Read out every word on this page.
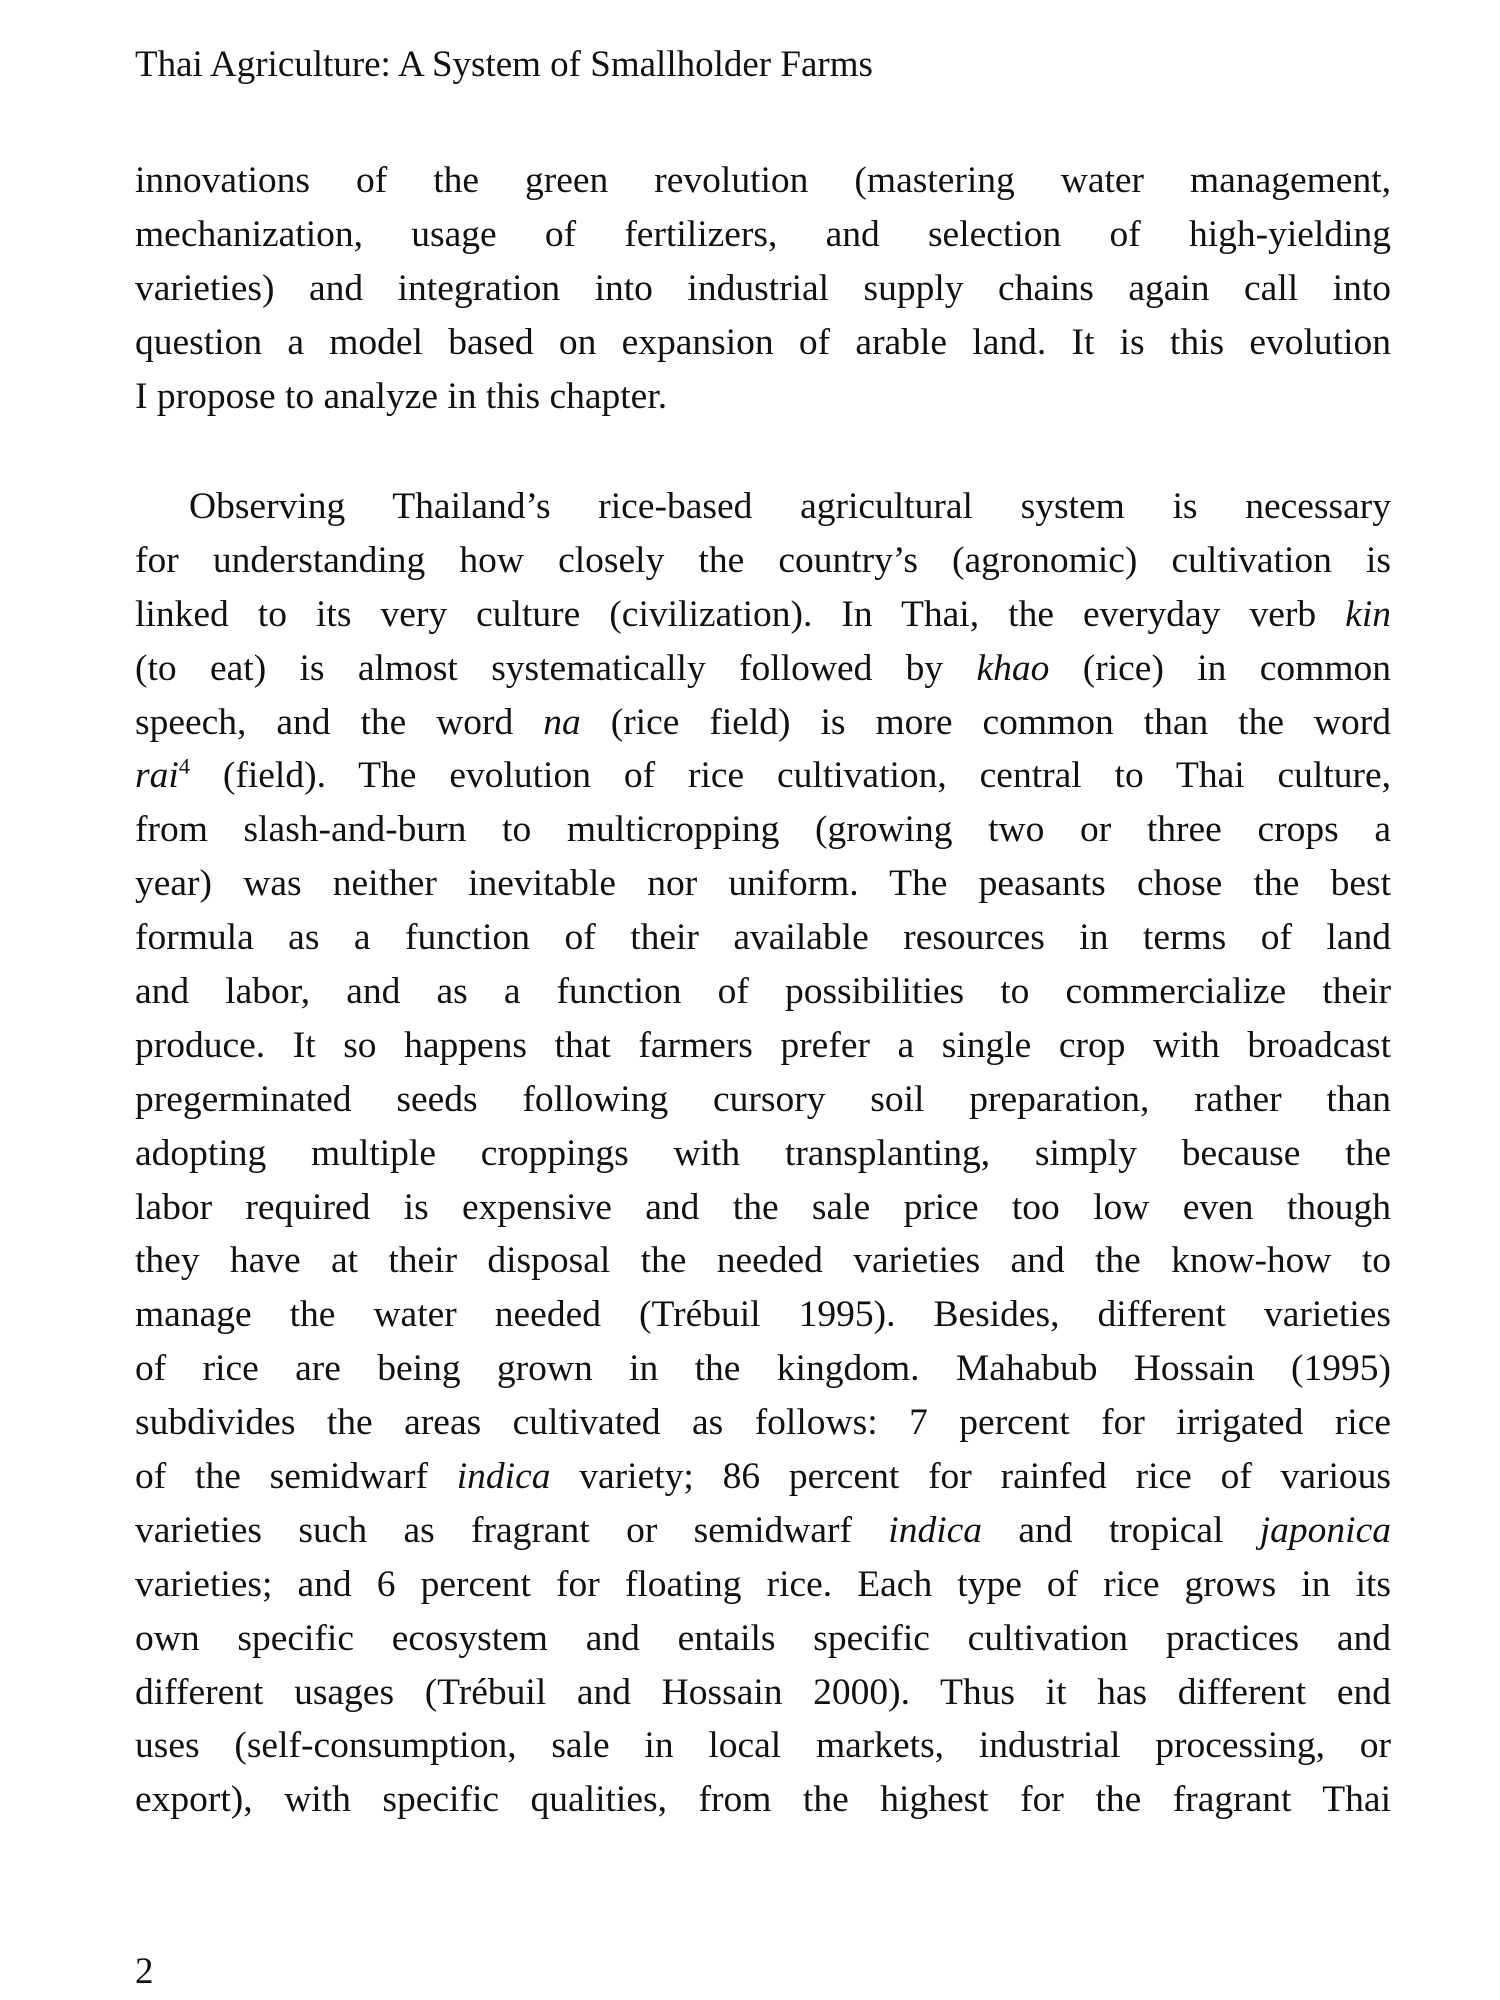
Thai Agriculture: A System of Smallholder Farms
innovations of the green revolution (mastering water management,
mechanization, usage of fertilizers, and selection of high-yielding
varieties) and integration into industrial supply chains again call into
question a model based on expansion of arable land. It is this evolution
I propose to analyze in this chapter.
Observing Thailand’s rice-based agricultural system is necessary
for understanding how closely the country’s (agronomic) cultivation is
linked to its very culture (civilization). In Thai, the everyday verb kin
(to eat) is almost systematically followed by khao (rice) in common
speech, and the word na (rice field) is more common than the word
rai$^4$ (field). The evolution of rice cultivation, central to Thai culture,
from slash-and-burn to multicropping (growing two or three crops a
year) was neither inevitable nor uniform. The peasants chose the best
formula as a function of their available resources in terms of land
and labor, and as a function of possibilities to commercialize their
produce. It so happens that farmers prefer a single crop with broadcast
pregerminated seeds following cursory soil preparation, rather than
adopting multiple croppings with transplanting, simply because the
labor required is expensive and the sale price too low even though
they have at their disposal the needed varieties and the know-how to
manage the water needed (Trébuil 1995). Besides, different varieties
of rice are being grown in the kingdom. Mahabub Hossain (1995)
subdivides the areas cultivated as follows: 7 percent for irrigated rice
of the semidwarf indica variety; 86 percent for rainfed rice of various
varieties such as fragrant or semidwarf indica and tropical japonica
varieties; and 6 percent for floating rice. Each type of rice grows in its
own specific ecosystem and entails specific cultivation practices and
different usages (Trébuil and Hossain 2000). Thus it has different end
uses (self-consumption, sale in local markets, industrial processing, or
export), with specific qualities, from the highest for the fragrant Thai
2
